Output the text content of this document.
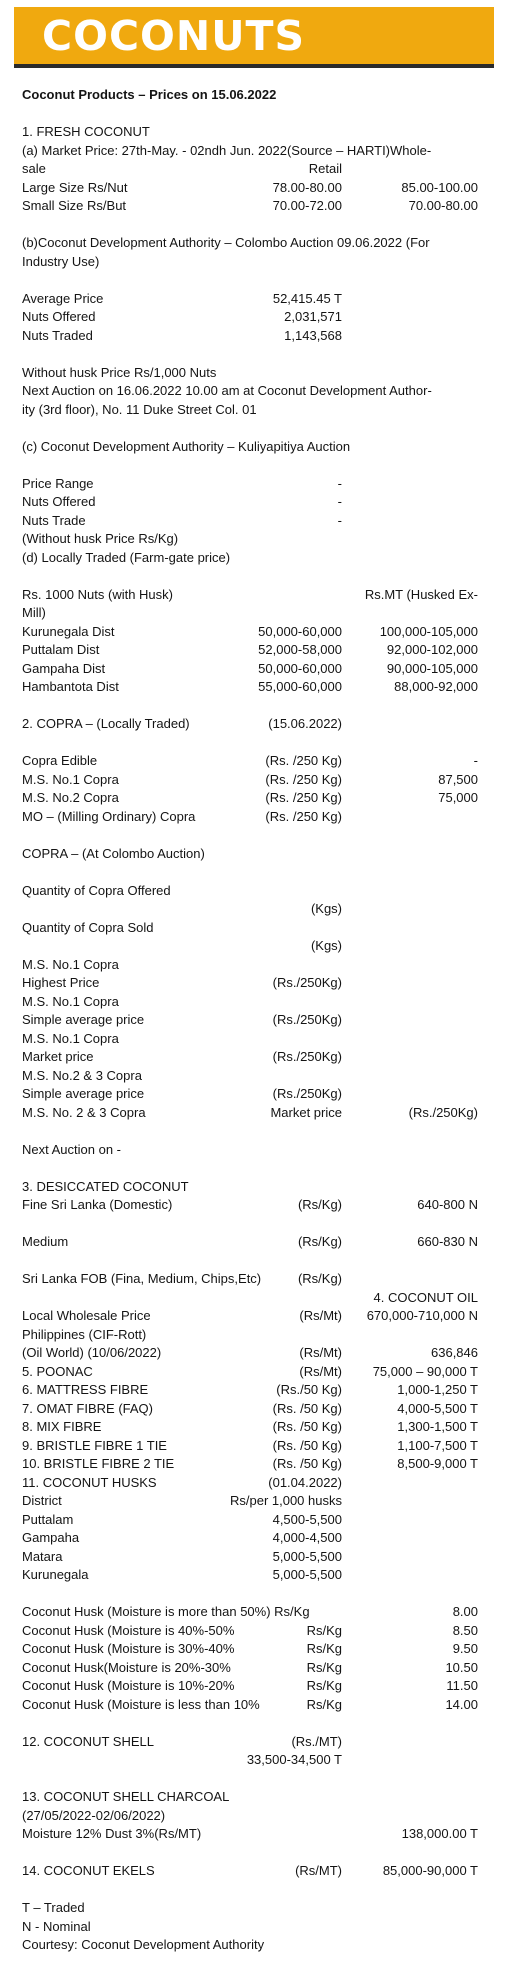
COCONUTS
Coconut Products – Prices on 15.06.2022
1. FRESH COCONUT
(a) Market Price: 27th-May. - 02ndh Jun. 2022(Source – HARTI)Whole-
sale	Retail
Large Size Rs/Nut	78.00-80.00	85.00-100.00
Small Size Rs/But	70.00-72.00	70.00-80.00
(b)Coconut Development Authority – Colombo Auction 09.06.2022 (For
Industry Use)
Average Price	52,415.45 T
Nuts Offered	2,031,571
Nuts Traded	1,143,568
Without husk Price Rs/1,000 Nuts
Next Auction on 16.06.2022 10.00 am at Coconut Development Author-
ity (3rd floor), No. 11 Duke Street Col. 01
(c) Coconut Development Authority – Kuliyapitiya Auction
Price Range	-
Nuts Offered	-
Nuts Trade	-
(Without husk Price Rs/Kg)
(d) Locally Traded (Farm-gate price)
Rs. 1000 Nuts (with Husk)	Rs.MT (Husked Ex-
Mill)
Kurunegala Dist	50,000-60,000	100,000-105,000
Puttalam Dist	52,000-58,000	92,000-102,000
Gampaha Dist	50,000-60,000	90,000-105,000
Hambantota Dist	55,000-60,000	88,000-92,000
2. COPRA – (Locally Traded)	(15.06.2022)
Copra Edible	(Rs. /250 Kg)	-
M.S. No.1 Copra	(Rs. /250 Kg)	87,500
M.S. No.2 Copra	(Rs. /250 Kg)	75,000
MO – (Milling Ordinary) Copra	(Rs. /250 Kg)
COPRA – (At Colombo Auction)
Quantity of Copra Offered
(Kgs)
Quantity of Copra Sold
(Kgs)
M.S. No.1 Copra
Highest Price	(Rs./250Kg)
M.S. No.1 Copra
Simple average price	(Rs./250Kg)
M.S. No.1 Copra
Market price	(Rs./250Kg)
M.S. No.2 & 3 Copra
Simple average price	(Rs./250Kg)
M.S. No. 2 & 3 Copra	Market price	(Rs./250Kg)
Next Auction on -
3. DESICCATED COCONUT
Fine Sri Lanka (Domestic)	(Rs/Kg)	640-800 N
Medium	(Rs/Kg)	660-830 N
Sri Lanka FOB (Fina, Medium, Chips,Etc)	(Rs/Kg)
4. COCONUT OIL
Local Wholesale Price	(Rs/Mt) 670,000-710,000 N
Philippines (CIF-Rott)
(Oil World) (10/06/2022)	(Rs/Mt)	636,846
5. POONAC	(Rs/Mt) 75,000 – 90,000 T
6. MATTRESS FIBRE	(Rs./50 Kg)	1,000-1,250 T
7. OMAT FIBRE (FAQ)	(Rs. /50 Kg)	4,000-5,500 T
8. MIX FIBRE	(Rs. /50 Kg)	1,300-1,500 T
9. BRISTLE FIBRE 1 TIE	(Rs. /50 Kg)	1,100-7,500 T
10. BRISTLE FIBRE 2 TIE	(Rs. /50 Kg)	8,500-9,000 T
11. COCONUT HUSKS	(01.04.2022)
District	Rs/per 1,000 husks
Puttalam	4,500-5,500
Gampaha	4,000-4,500
Matara	5,000-5,500
Kurunegala	5,000-5,500
Coconut Husk (Moisture is more than 50%) Rs/Kg	8.00
Coconut Husk (Moisture is 40%-50%	Rs/Kg	8.50
Coconut Husk (Moisture is 30%-40%	Rs/Kg	9.50
Coconut Husk(Moisture is 20%-30%	Rs/Kg	10.50
Coconut Husk (Moisture is 10%-20%	Rs/Kg	11.50
Coconut Husk (Moisture is less than 10%	Rs/Kg	14.00
12. COCONUT SHELL	(Rs./MT)
33,500-34,500 T
13. COCONUT SHELL CHARCOAL
(27/05/2022-02/06/2022)
Moisture 12% Dust 3%(Rs/MT)	138,000.00 T
14. COCONUT EKELS	(Rs/MT)	85,000-90,000 T
T – Traded
N - Nominal
Courtesy: Coconut Development Authority
